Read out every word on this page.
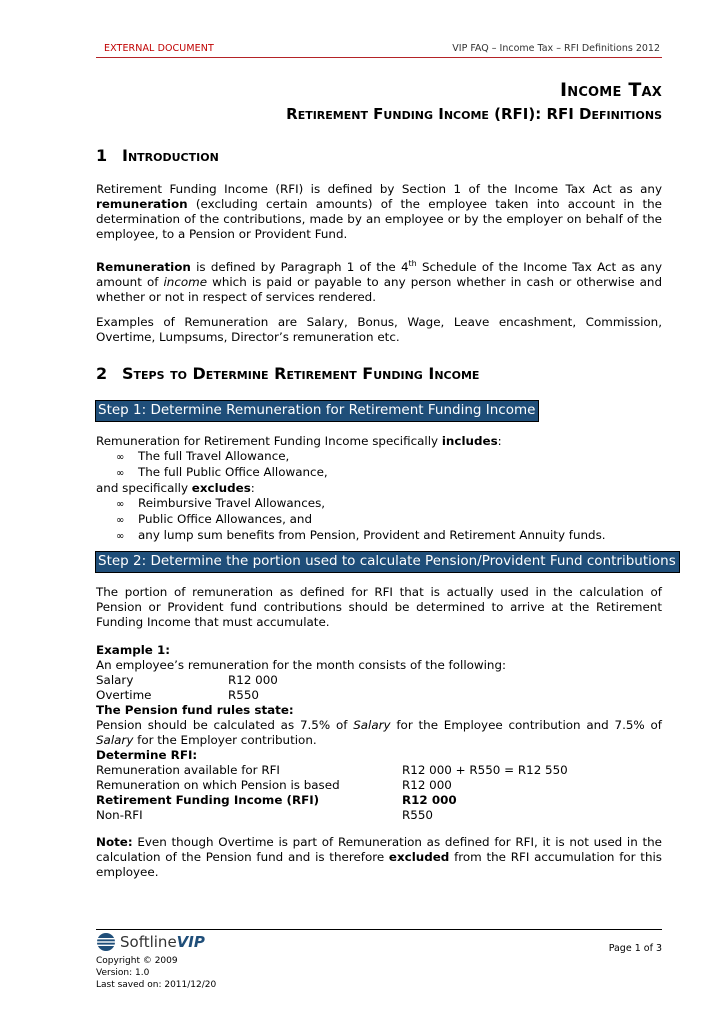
EXTERNAL DOCUMENT	VIP FAQ – Income Tax – RFI Definitions 2012
Income Tax
Retirement Funding Income (RFI): RFI Definitions
1 Introduction
Retirement Funding Income (RFI) is defined by Section 1 of the Income Tax Act as any remuneration (excluding certain amounts) of the employee taken into account in the determination of the contributions, made by an employee or by the employer on behalf of the employee, to a Pension or Provident Fund.
Remuneration is defined by Paragraph 1 of the 4th Schedule of the Income Tax Act as any amount of income which is paid or payable to any person whether in cash or otherwise and whether or not in respect of services rendered.
Examples of Remuneration are Salary, Bonus, Wage, Leave encashment, Commission, Overtime, Lumpsums, Director’s remuneration etc.
2 Steps to Determine Retirement Funding Income
Step 1: Determine Remuneration for Retirement Funding Income
Remuneration for Retirement Funding Income specifically includes:
∞ The full Travel Allowance,
∞ The full Public Office Allowance,
and specifically excludes:
∞ Reimbursive Travel Allowances,
∞ Public Office Allowances, and
∞ any lump sum benefits from Pension, Provident and Retirement Annuity funds.
Step 2: Determine the portion used to calculate Pension/Provident Fund contributions
The portion of remuneration as defined for RFI that is actually used in the calculation of Pension or Provident fund contributions should be determined to arrive at the Retirement Funding Income that must accumulate.
Example 1:
An employee’s remuneration for the month consists of the following:
Salary	R12 000
Overtime	R550
The Pension fund rules state:
Pension should be calculated as 7.5% of Salary for the Employee contribution and 7.5% of Salary for the Employer contribution.
Determine RFI:
Remuneration available for RFI	R12 000 + R550 = R12 550
Remuneration on which Pension is based	R12 000
Retirement Funding Income (RFI)	R12 000
Non-RFI	R550
Note: Even though Overtime is part of Remuneration as defined for RFI, it is not used in the calculation of the Pension fund and is therefore excluded from the RFI accumulation for this employee.
SoftlineVIP
Copyright © 2009
Version: 1.0
Last saved on: 2011/12/20
Page 1 of 3
